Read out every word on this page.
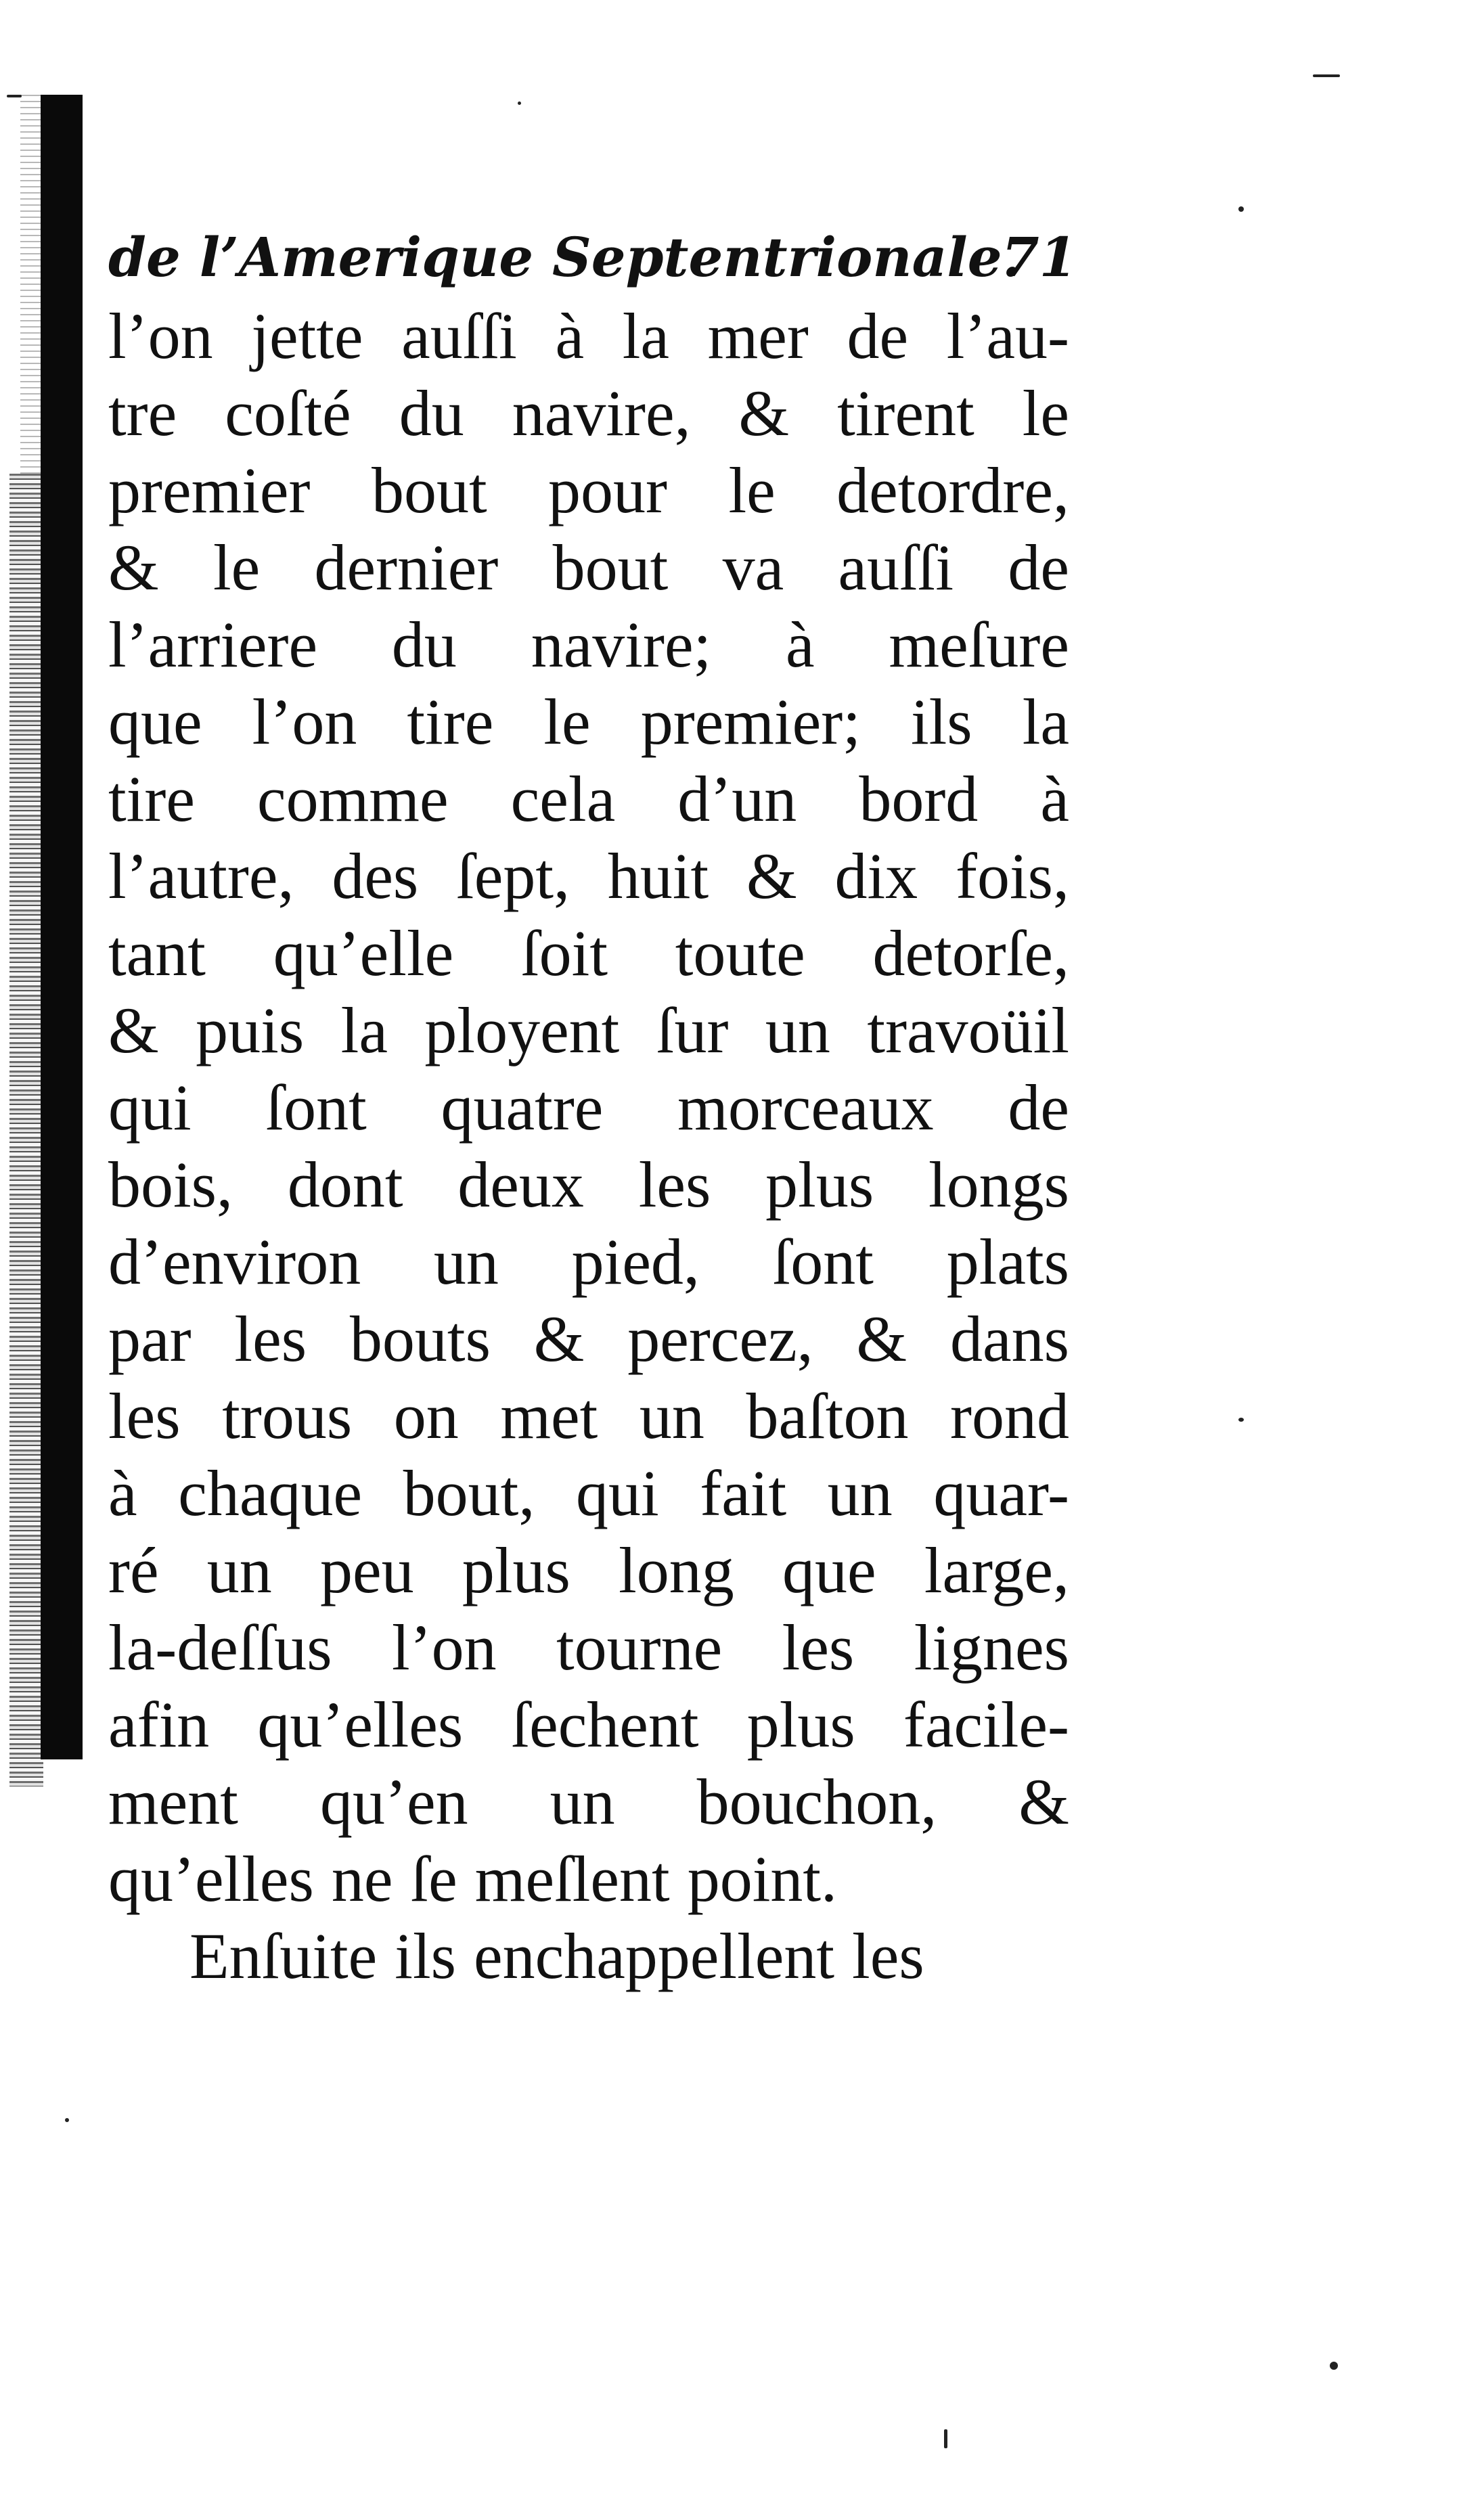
de l’Amerique Septentrionale.
71
l’on jette auſſi à la mer de l’au-
tre coſté du navire, & tirent le
premier bout pour le detordre,
& le dernier bout va auſſi de
l’arriere du navire; à meſure
que l’on tire le premier; ils la
tire comme cela d’un bord à
l’autre, des ſept, huit & dix fois,
tant qu’elle ſoit toute detorſe,
& puis la ployent ſur un travoüil
qui ſont quatre morceaux de
bois, dont deux les plus longs
d’environ un pied, ſont plats
par les bouts & percez, & dans
les trous on met un baſton rond
à chaque bout, qui fait un quar-
ré un peu plus long que large,
la-deſſus l’on tourne les lignes
afin qu’elles ſechent plus facile-
ment qu’en un bouchon, &
qu’elles ne ſe meſlent point.
Enſuite ils enchappellent les
